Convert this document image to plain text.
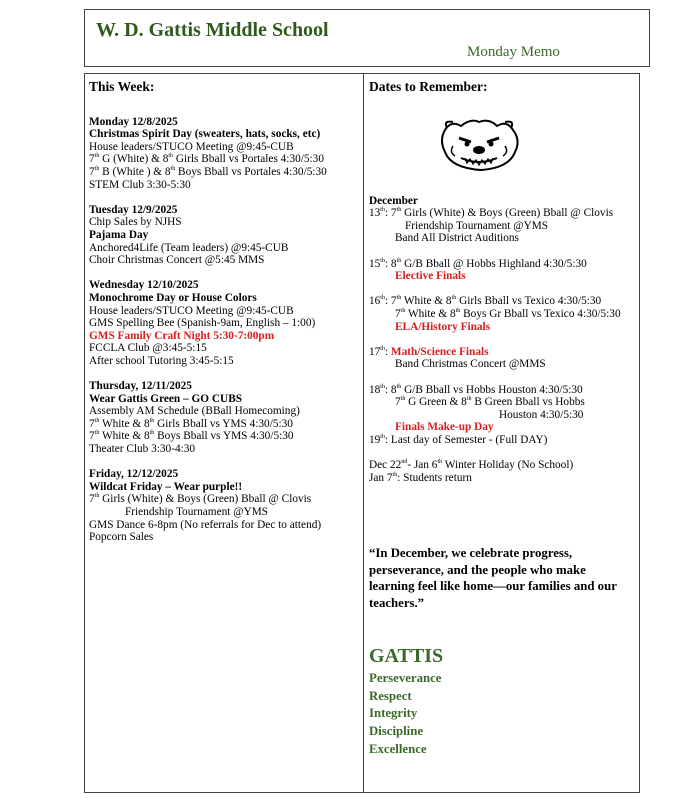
W. D. Gattis Middle School
Monday Memo
This Week:
Monday 12/8/2025
Christmas Spirit Day (sweaters, hats, socks, etc)
House leaders/STUCO Meeting @9:45-CUB
7th G (White) & 8th Girls Bball vs Portales 4:30/5:30
7th B (White ) & 8th Boys Bball vs Portales 4:30/5:30
STEM Club 3:30-5:30
Tuesday 12/9/2025
Chip Sales by NJHS
Pajama Day
Anchored4Life (Team leaders) @9:45-CUB
Choir Christmas Concert @5:45 MMS
Wednesday 12/10/2025
Monochrome Day or House Colors
House leaders/STUCO Meeting @9:45-CUB
GMS Spelling Bee (Spanish-9am, English – 1:00)
GMS Family Craft Night 5:30-7:00pm
FCCLA Club @3:45-5:15
After school Tutoring 3:45-5:15
Thursday, 12/11/2025
Wear Gattis Green – GO CUBS
Assembly AM Schedule (BBall Homecoming)
7th White & 8th Girls Bball vs YMS 4:30/5:30
7th White & 8th Boys Bball vs YMS 4:30/5:30
Theater Club 3:30-4:30
Friday, 12/12/2025
Wildcat Friday – Wear purple!!
7th Girls (White) & Boys (Green) Bball @ Clovis
Friendship Tournament @YMS
GMS Dance 6-8pm (No referrals for Dec to attend)
Popcorn Sales
Dates to Remember:
December
13th: 7th Girls (White) & Boys (Green) Bball @ Clovis
Friendship Tournament @YMS
Band All District Auditions
15th: 8th G/B Bball @ Hobbs Highland 4:30/5:30
Elective Finals
16th: 7th White & 8th Girls Bball vs Texico 4:30/5:30
7th White & 8th Boys Gr Bball vs Texico 4:30/5:30
ELA/History Finals
17th: Math/Science Finals
Band Christmas Concert @MMS
18th: 8th G/B Bball vs Hobbs Houston 4:30/5:30
7th G Green & 8th B Green Bball vs Hobbs
Houston 4:30/5:30
Finals Make-up Day
19th: Last day of Semester - (Full DAY)
Dec 22nd- Jan 6th Winter Holiday (No School)
Jan 7th: Students return
“In December, we celebrate progress, perseverance, and the people who make learning feel like home—our families and our teachers.”
GATTIS
Perseverance
Respect
Integrity
Discipline
Excellence
